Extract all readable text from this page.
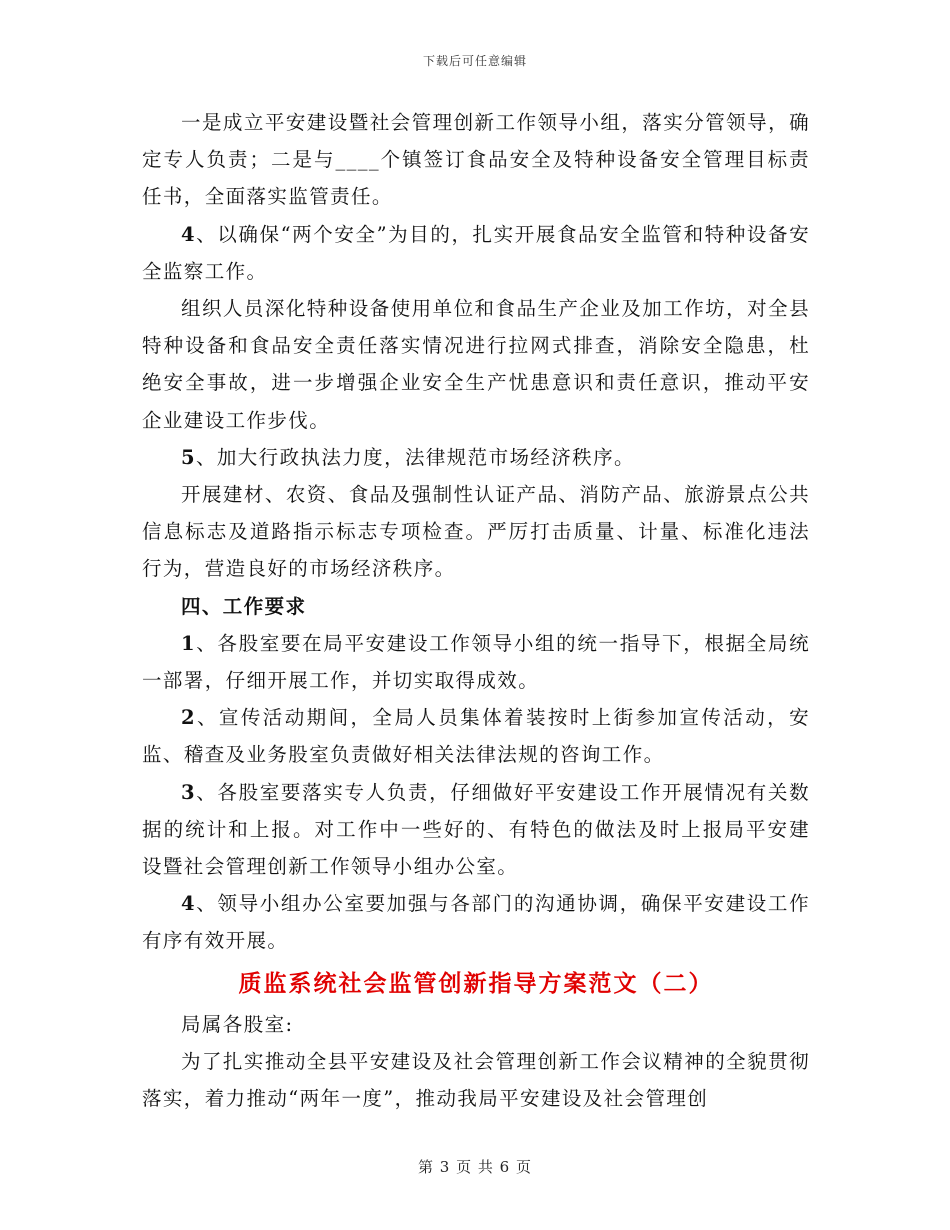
下载后可任意编辑

一是成立平安建设暨社会管理创新工作领导小组，落实分管领导，确定专人负责；二是与____个镇签订食品安全及特种设备安全管理目标责任书，全面落实监管责任。

4、以确保“两个安全”为目的，扎实开展食品安全监管和特种设备安全监察工作。

组织人员深化特种设备使用单位和食品生产企业及加工作坊，对全县特种设备和食品安全责任落实情况进行拉网式排查，消除安全隐患，杜绝安全事故，进一步增强企业安全生产忧患意识和责任意识，推动平安企业建设工作步伐。

5、加大行政执法力度，法律规范市场经济秩序。

开展建材、农资、食品及强制性认证产品、消防产品、旅游景点公共信息标志及道路指示标志专项检查。严厉打击质量、计量、标准化违法行为，营造良好的市场经济秩序。

四、工作要求

1、各股室要在局平安建设工作领导小组的统一指导下，根据全局统一部署，仔细开展工作，并切实取得成效。

2、宣传活动期间，全局人员集体着装按时上街参加宣传活动，安监、稽查及业务股室负责做好相关法律法规的咨询工作。

3、各股室要落实专人负责，仔细做好平安建设工作开展情况有关数据的统计和上报。对工作中一些好的、有特色的做法及时上报局平安建设暨社会管理创新工作领导小组办公室。

4、领导小组办公室要加强与各部门的沟通协调，确保平安建设工作有序有效开展。

质监系统社会监管创新指导方案范文（二）

局属各股室:

为了扎实推动全县平安建设及社会管理创新工作会议精神的全貌贯彻落实，着力推动“两年一度”，推动我局平安建设及社会管理创

第 3 页 共 6 页
